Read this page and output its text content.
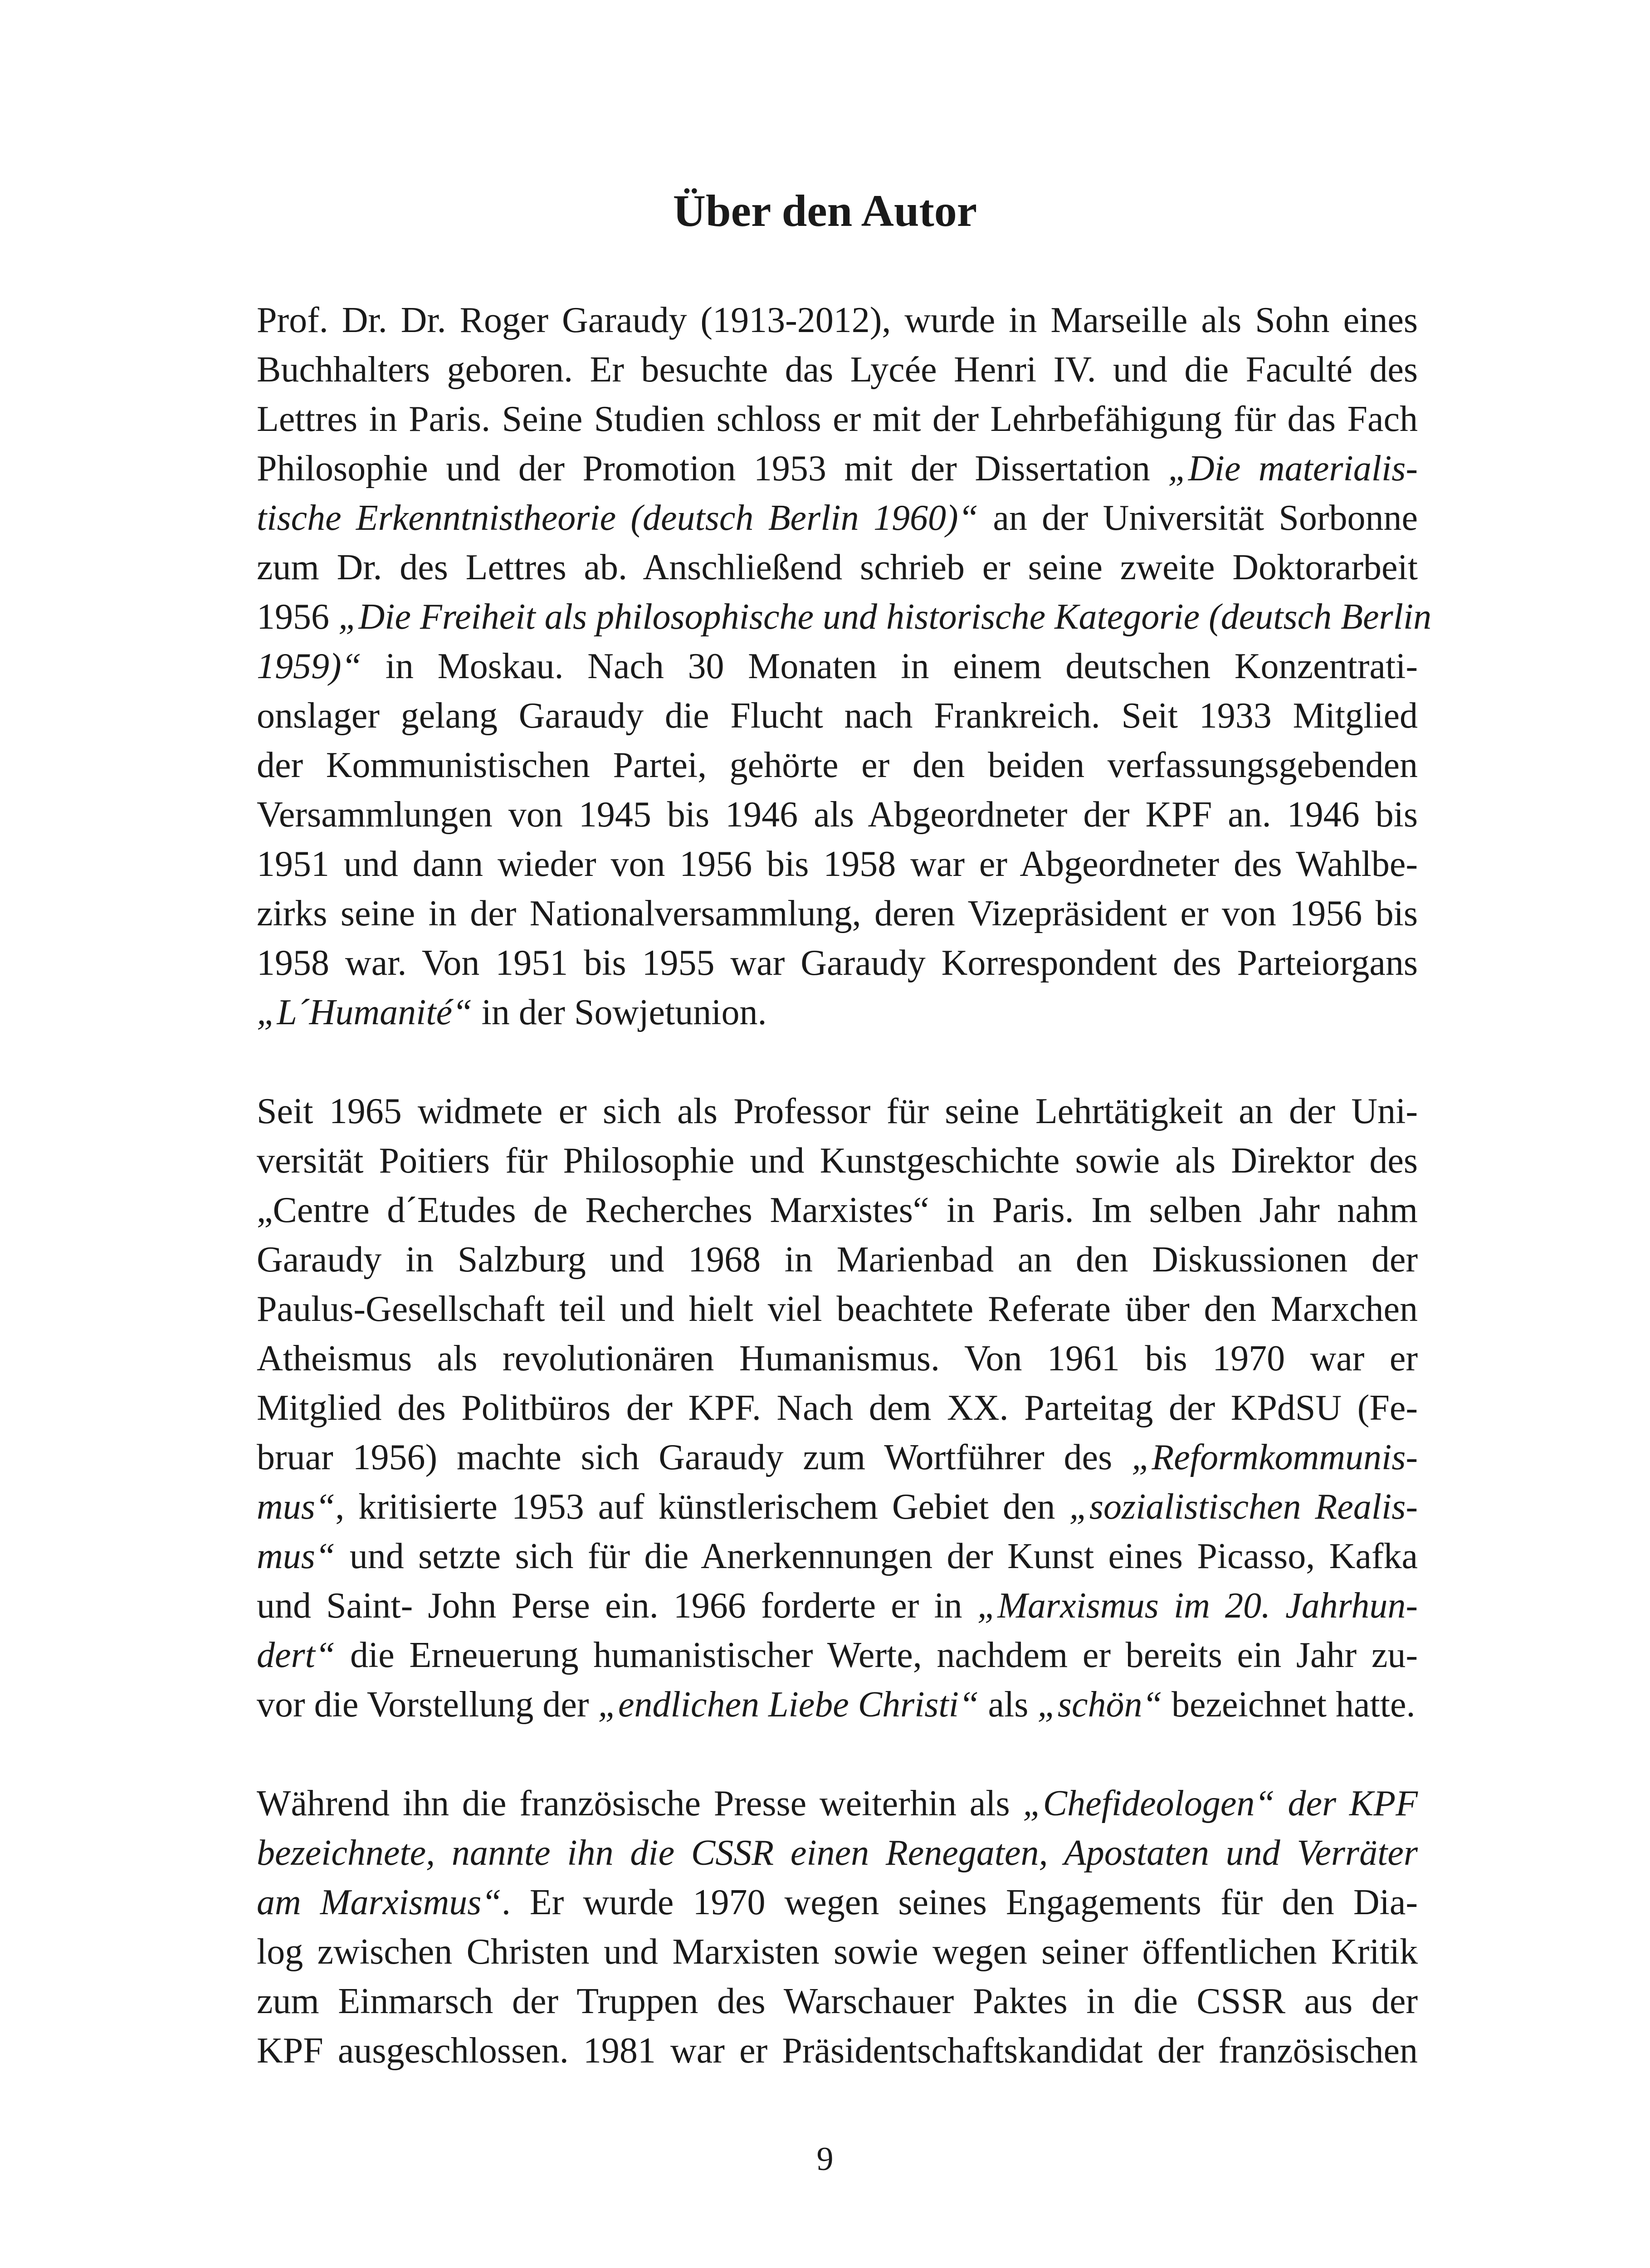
Über den Autor
Prof. Dr. Dr. Roger Garaudy (1913-2012), wurde in Marseille als Sohn eines
Buchhalters geboren. Er besuchte das Lycée Henri IV. und die Faculté des
Lettres in Paris. Seine Studien schloss er mit der Lehrbefähigung für das Fach
Philosophie und der Promotion 1953 mit der Dissertation „Die materialis-
tische Erkenntnistheorie (deutsch Berlin 1960)“ an der Universität Sorbonne
zum Dr. des Lettres ab. Anschließend schrieb er seine zweite Doktorarbeit
1956 „Die Freiheit als philosophische und historische Kategorie (deutsch Berlin
1959)“ in Moskau. Nach 30 Monaten in einem deutschen Konzentrati-
onslager gelang Garaudy die Flucht nach Frankreich. Seit 1933 Mitglied
der Kommunistischen Partei, gehörte er den beiden verfassungsgebenden
Versammlungen von 1945 bis 1946 als Abgeordneter der KPF an. 1946 bis
1951 und dann wieder von 1956 bis 1958 war er Abgeordneter des Wahlbe-
zirks seine in der Nationalversammlung, deren Vizepräsident er von 1956 bis
1958 war. Von 1951 bis 1955 war Garaudy Korrespondent des Parteiorgans
„L´Humanité“ in der Sowjetunion.
Seit 1965 widmete er sich als Professor für seine Lehrtätigkeit an der Uni-
versität Poitiers für Philosophie und Kunstgeschichte sowie als Direktor des
„Centre d´Etudes de Recherches Marxistes“ in Paris. Im selben Jahr nahm
Garaudy in Salzburg und 1968 in Marienbad an den Diskussionen der
Paulus-Gesellschaft teil und hielt viel beachtete Referate über den Marxchen
Atheismus als revolutionären Humanismus. Von 1961 bis 1970 war er
Mitglied des Politbüros der KPF. Nach dem XX. Parteitag der KPdSU (Fe-
bruar 1956) machte sich Garaudy zum Wortführer des „Reformkommunis-
mus“, kritisierte 1953 auf künstlerischem Gebiet den „sozialistischen Realis-
mus“ und setzte sich für die Anerkennungen der Kunst eines Picasso, Kafka
und Saint- John Perse ein. 1966 forderte er in „Marxismus im 20. Jahrhun-
dert“ die Erneuerung humanistischer Werte, nachdem er bereits ein Jahr zu-
vor die Vorstellung der „endlichen Liebe Christi“ als „schön“ bezeichnet hatte.
Während ihn die französische Presse weiterhin als „Chefideologen“ der KPF
bezeichnete, nannte ihn die CSSR einen Renegaten, Apostaten und Verräter
am Marxismus“. Er wurde 1970 wegen seines Engagements für den Dia-
log zwischen Christen und Marxisten sowie wegen seiner öffentlichen Kritik
zum Einmarsch der Truppen des Warschauer Paktes in die CSSR aus der
KPF ausgeschlossen. 1981 war er Präsidentschaftskandidat der französischen
9
